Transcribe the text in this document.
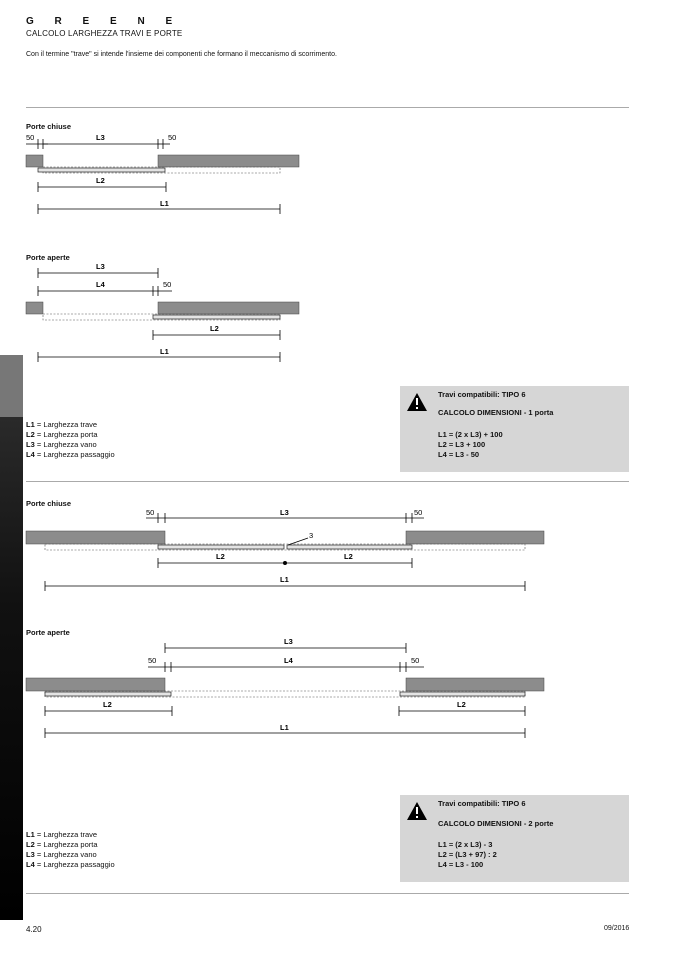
G R E E N E
CALCOLO LARGHEZZA TRAVI E PORTE
Con il termine "trave" si intende l'insieme dei componenti che formano il meccanismo di scorrimento.
Porte chiuse
Porte aperte
50	L3	50
L2
L1
L3
L4	50
L2
L1
L1 = Larghezza trave
L2 = Larghezza porta
L3 = Larghezza vano
L4 = Larghezza passaggio
Travi compatibili: TIPO 6
CALCOLO DIMENSIONI - 1 porta
L1 = (2 x L3) + 100
L2 = L3 + 100
L4 = L3 - 50
Porte chiuse
Porte aperte
50	L3	50
3
L2	L2
L1
L3
50	50
L4
L2	L2
L1
L1 = Larghezza trave
L2 = Larghezza porta
L3 = Larghezza vano
L4 = Larghezza passaggio
Travi compatibili: TIPO 6
CALCOLO DIMENSIONI - 2 porte
L1 = (2 x L3) - 3
L2 = (L3 + 97) : 2
L4 = L3 - 100
4.20	09/2016
